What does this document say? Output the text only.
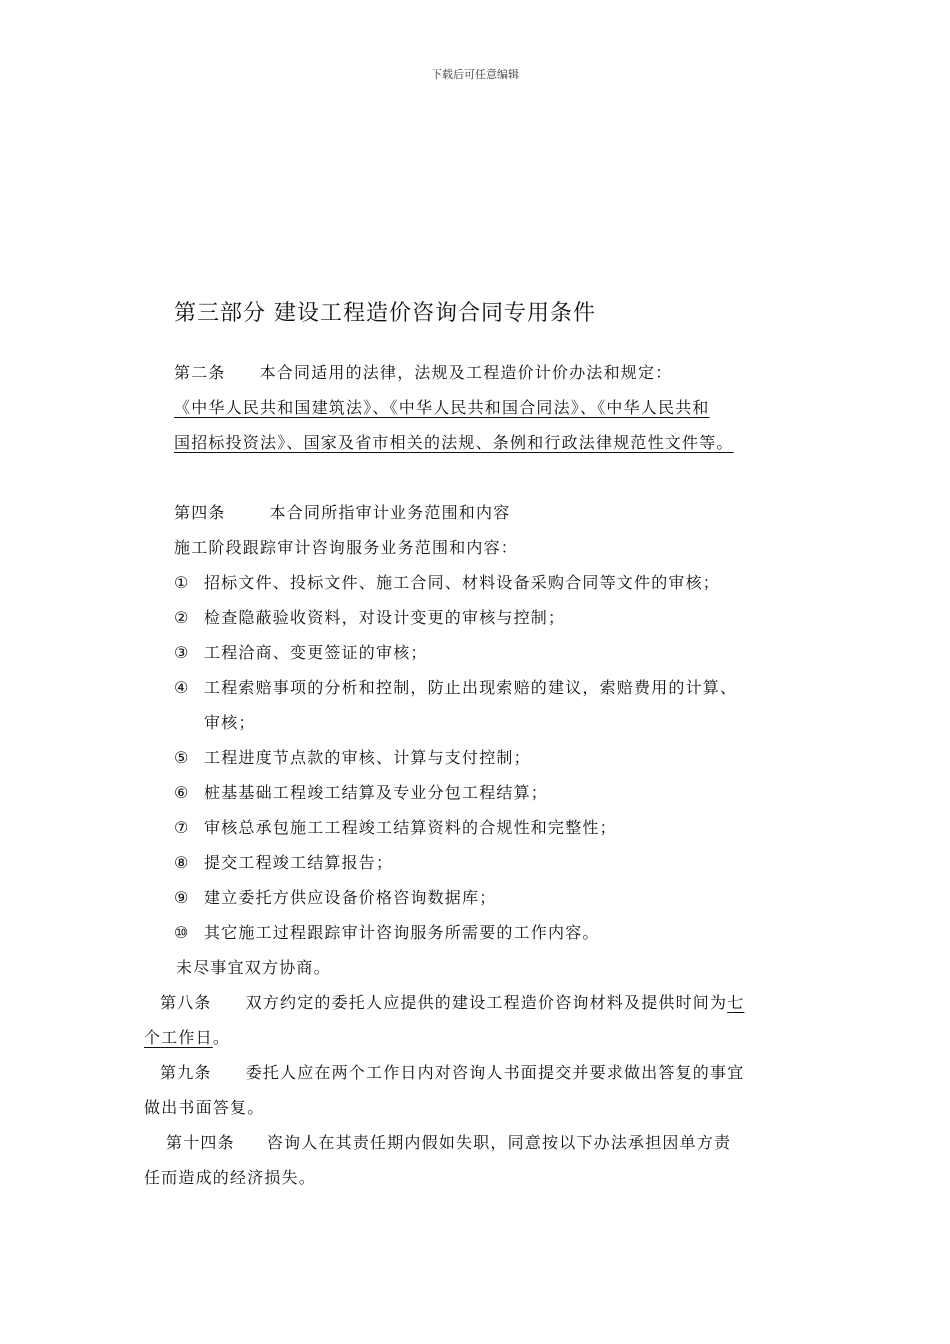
下载后可任意编辑
第三部分 建设工程造价咨询合同专用条件
第二条 本合同适用的法律，法规及工程造价计价办法和规定：
《中华人民共和国建筑法》、《中华人民共和国合同法》、《中华人民共和
国招标投资法》、国家及省市相关的法规、条例和行政法律规范性文件等。
第四条	本合同所指审计业务范围和内容
施工阶段跟踪审计咨询服务业务范围和内容：
① 招标文件、投标文件、施工合同、材料设备采购合同等文件的审核；
② 检查隐蔽验收资料，对设计变更的审核与控制；
③ 工程洽商、变更签证的审核；
④ 工程索赔事项的分析和控制，防止出现索赔的建议，索赔费用的计算、
审核；
⑤ 工程进度节点款的审核、计算与支付控制；
⑥ 桩基基础工程竣工结算及专业分包工程结算；
⑦ 审核总承包施工工程竣工结算资料的合规性和完整性；
⑧ 提交工程竣工结算报告；
⑨ 建立委托方供应设备价格咨询数据库；
⑩ 其它施工过程跟踪审计咨询服务所需要的工作内容。
未尽事宜双方协商。
第八条 双方约定的委托人应提供的建设工程造价咨询材料及提供时间为七
个工作日。
第九条 委托人应在两个工作日内对咨询人书面提交并要求做出答复的事宜
做出书面答复。
第十四条 咨询人在其责任期内假如失职，同意按以下办法承担因单方责
任而造成的经济损失。
